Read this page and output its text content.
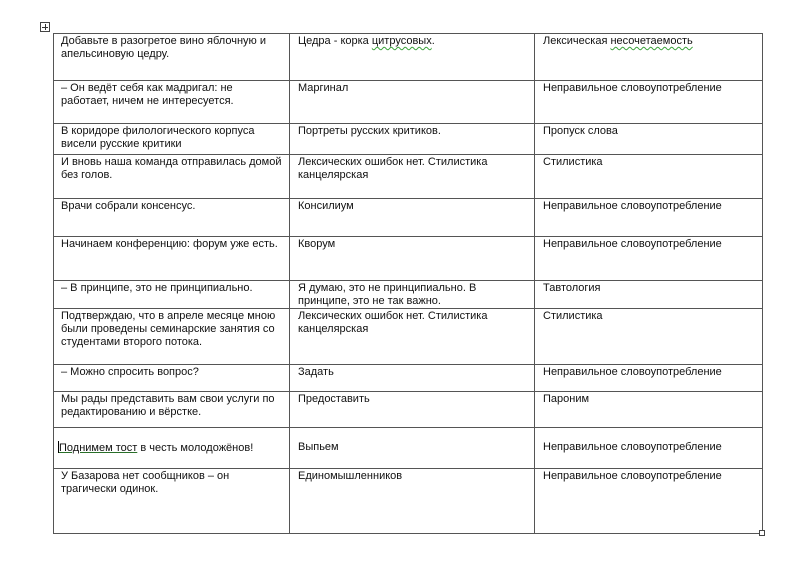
Добавьте в разогретое вино яблочную и апельсиновую цедру.	Цедра - корка цитрусовых.	Лексическая несочетаемость
– Он ведёт себя как мадригал: не работает, ничем не интересуется.	Маргинал	Неправильное словоупотребление
В коридоре филологического корпуса висели русские критики	Портреты русских критиков.	Пропуск слова
И вновь наша команда отправилась домой без голов.	Лексических ошибок нет. Стилистика канцелярская	Стилистика
Врачи собрали консенсус.	Консилиум	Неправильное словоупотребление
Начинаем конференцию: форум уже есть.	Кворум	Неправильное словоупотребление
– В принципе, это не принципиально.	Я думаю, это не принципиально. В принципе, это не так важно.	Тавтология
Подтверждаю, что в апреле месяце мною были проведены семинарские занятия со студентами второго потока.	Лексических ошибок нет. Стилистика канцелярская	Стилистика
– Можно спросить вопрос?	Задать	Неправильное словоупотребление
Мы рады представить вам свои услуги по редактированию и вёрстке.	Предоставить	Пароним
Поднимем тост в честь молодожёнов!	Выпьем	Неправильное словоупотребление
У Базарова нет сообщников – он трагически одинок.	Единомышленников	Неправильное словоупотребление
